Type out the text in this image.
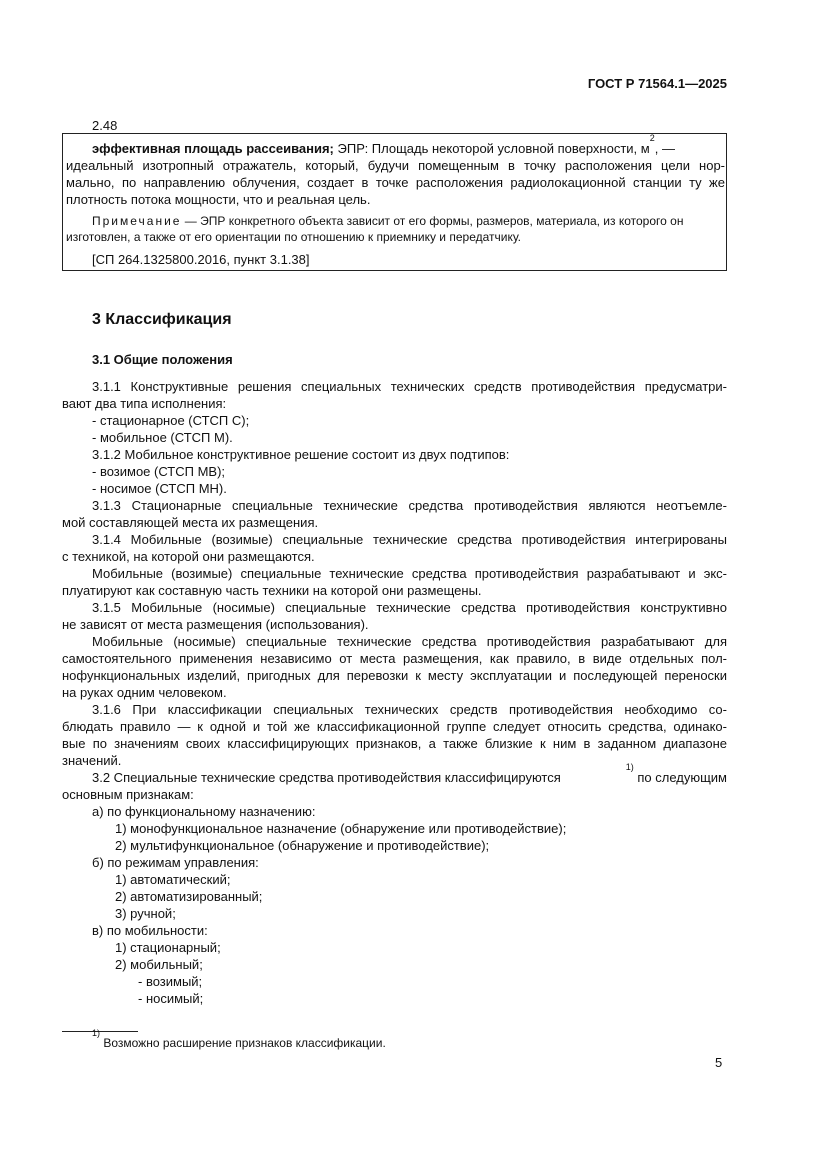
ГОСТ Р 71564.1—2025
2.48
эффективная площадь рассеивания; ЭПР: Площадь некоторой условной поверхности, $м^2$, —
идеальный изотропный отражатель, который, будучи помещенным в точку расположения цели нор-
мально, по направлению облучения, создает в точке расположения радиолокационной станции ту же
плотность потока мощности, что и реальная цель.
Примечание — ЭПР конкретного объекта зависит от его формы, размеров, материала, из которого он
изготовлен, а также от его ориентации по отношению к приемнику и передатчику.
[СП 264.1325800.2016, пункт 3.1.38]
3 Классификация
3.1 Общие положения
3.1.1 Конструктивные решения специальных технических средств противодействия предусматри-
вают два типа исполнения:
- стационарное (СТСП С);
- мобильное (СТСП М).
3.1.2 Мобильное конструктивное решение состоит из двух подтипов:
- возимое (СТСП МВ);
- носимое (СТСП МН).
3.1.3 Стационарные специальные технические средства противодействия являются неотъемле-
мой составляющей места их размещения.
3.1.4 Мобильные (возимые) специальные технические средства противодействия интегрированы
с техникой, на которой они размещаются.
Мобильные (возимые) специальные технические средства противодействия разрабатывают и экс-
плуатируют как составную часть техники на которой они размещены.
3.1.5 Мобильные (носимые) специальные технические средства противодействия конструктивно
не зависят от места размещения (использования).
Мобильные (носимые) специальные технические средства противодействия разрабатывают для
самостоятельного применения независимо от места размещения, как правило, в виде отдельных пол-
нофункциональных изделий, пригодных для перевозки к месту эксплуатации и последующей переноски
на руках одним человеком.
3.1.6 При классификации специальных технических средств противодействия необходимо со-
блюдать правило — к одной и той же классификационной группе следует относить средства, одинако-
вые по значениям своих классифицирующих признаков, а также близкие к ним в заданном диапазоне
значений.
3.2 Специальные технические средства противодействия классифицируются
$^{1)}$ по следующим
основным признакам:
а) по функциональному назначению:
1) монофункциональное назначение (обнаружение или противодействие);
2) мультифункциональное (обнаружение и противодействие);
б) по режимам управления:
1) автоматический;
2) автоматизированный;
3) ручной;
в) по мобильности:
1) стационарный;
2) мобильный;
- возимый;
- носимый;
$^{1)}$ Возможно расширение признаков классификации.
5
